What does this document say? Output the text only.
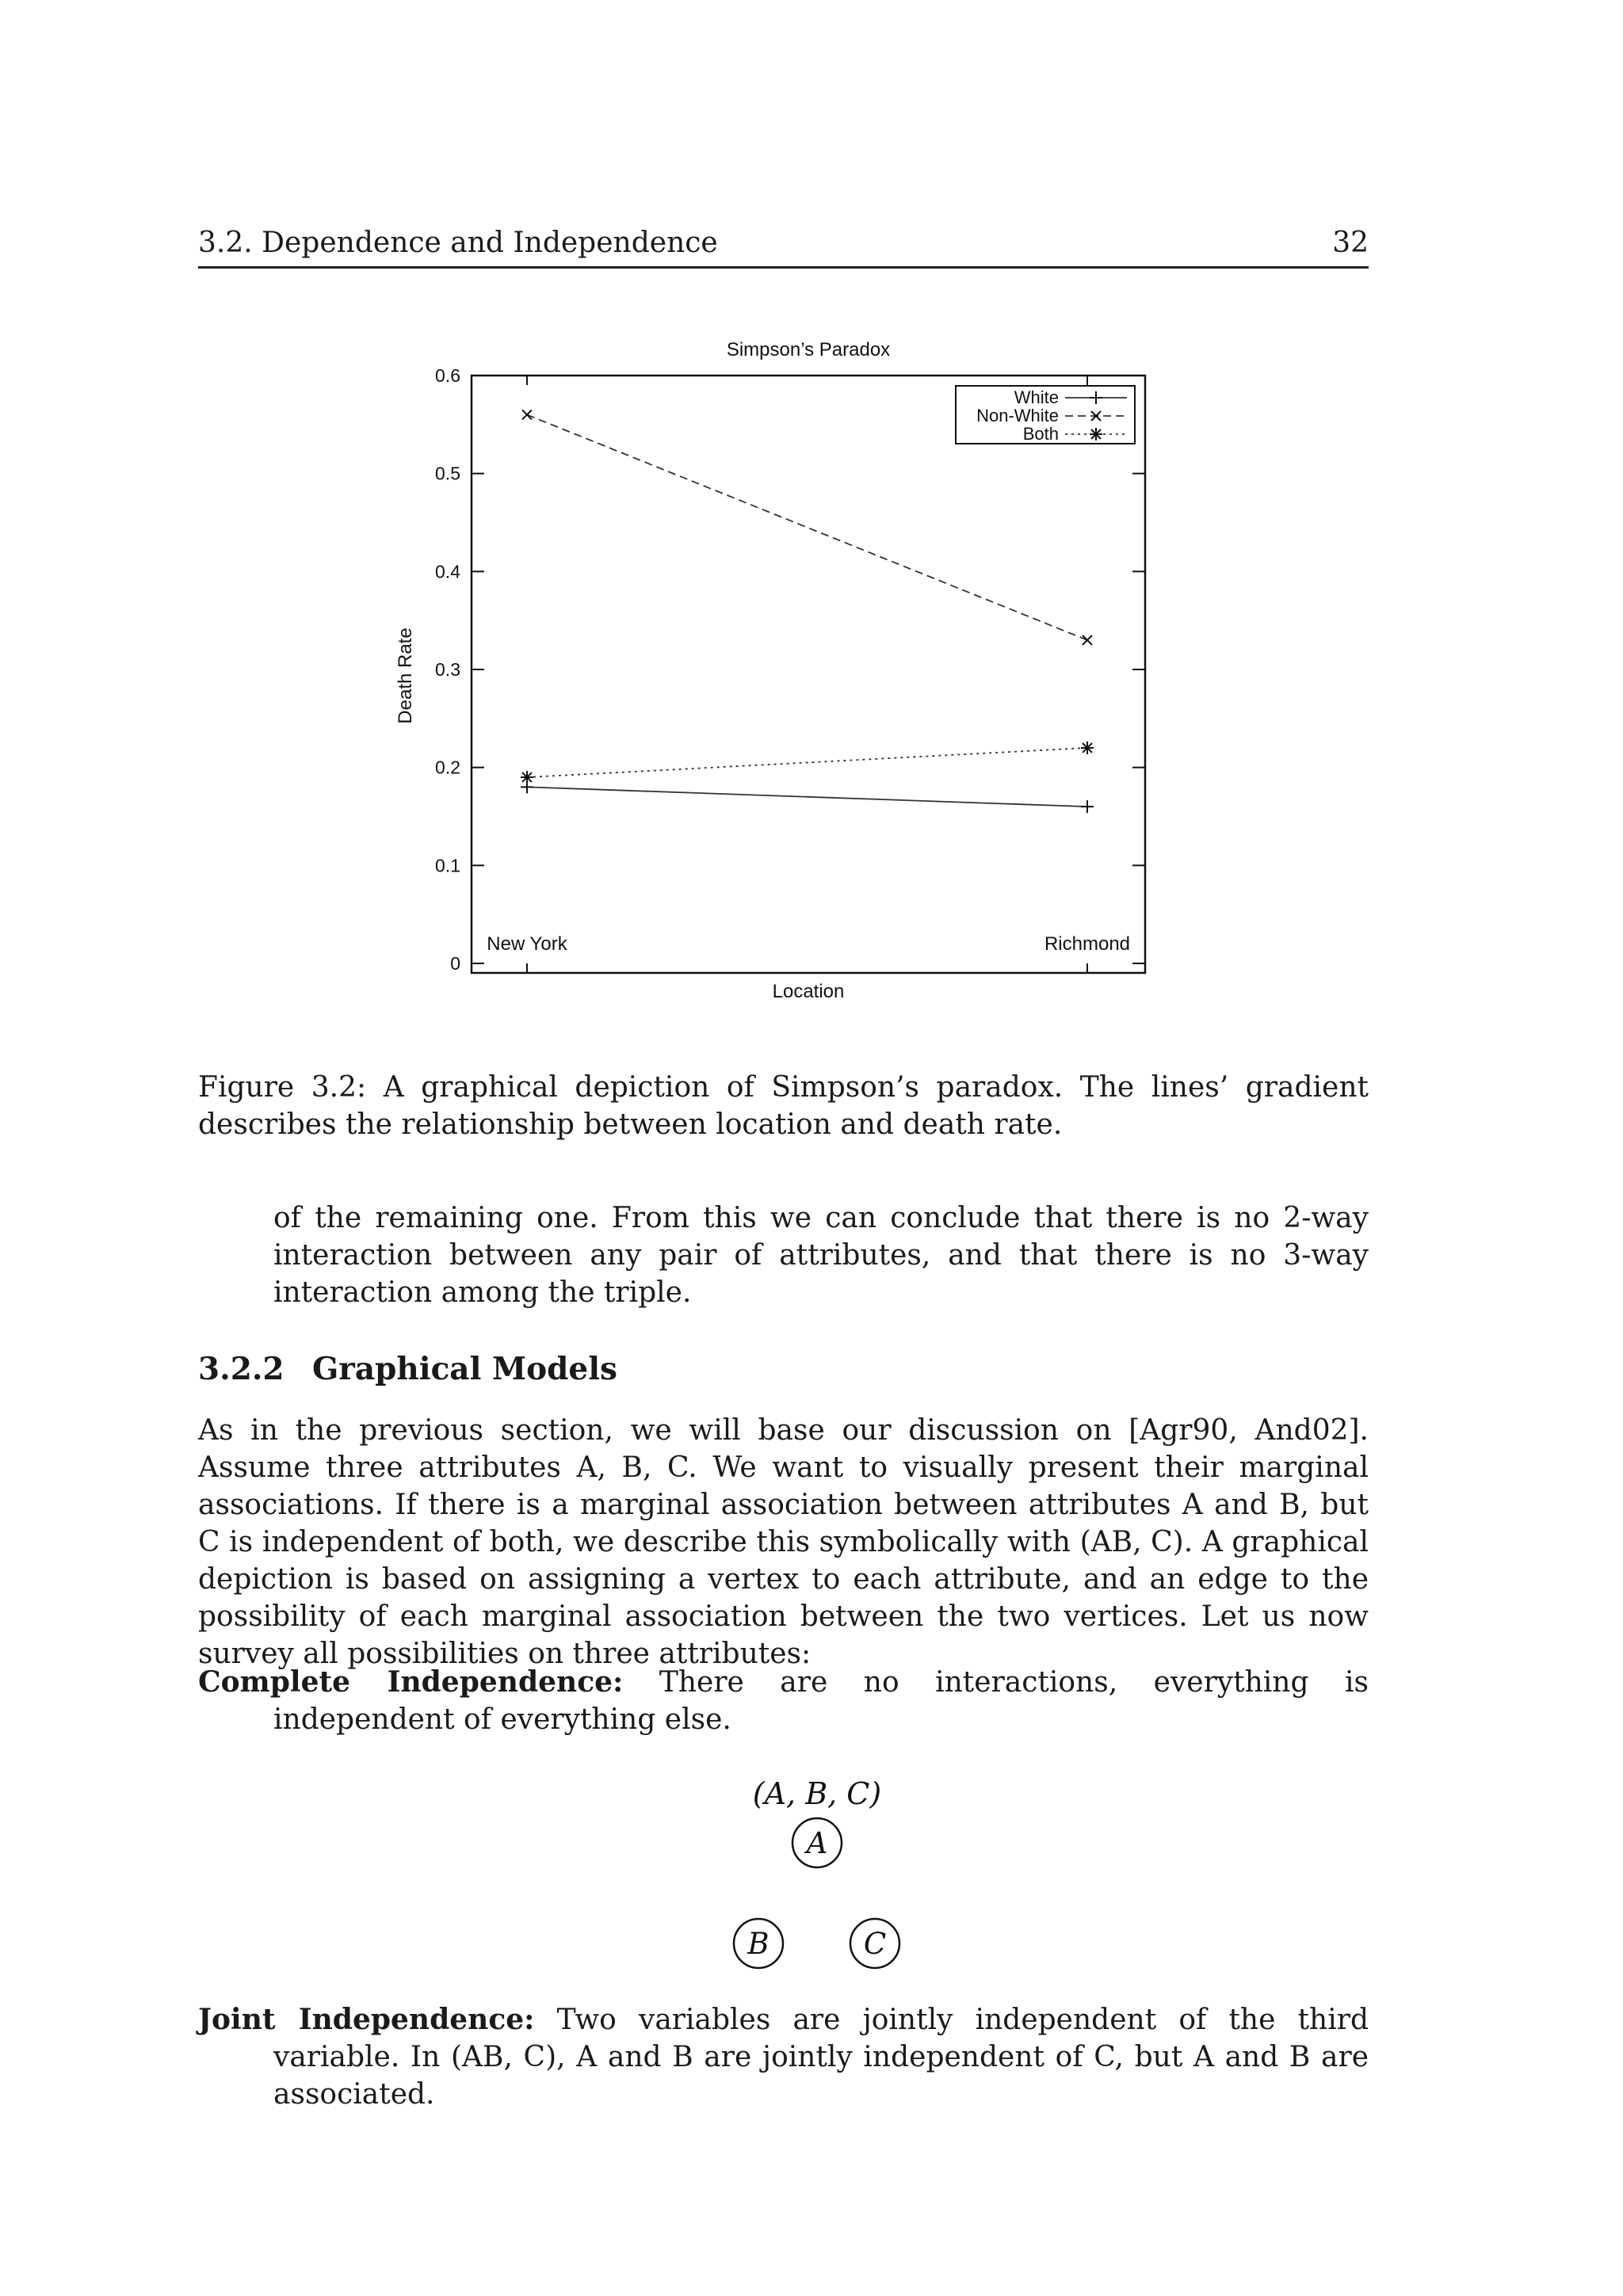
3.2. Dependence and Independence	32
Simpson’s Paradox
Death Rate
Location
0
0.1
0.2
0.3
0.4
0.5
0.6
New York	Richmond
White
Non-White
Both
Figure 3.2: A graphical depiction of Simpson’s paradox. The lines’ gradient describes the relationship between location and death rate.
of the remaining one. From this we can conclude that there is no 2-way interaction between any pair of attributes, and that there is no 3-way interaction among the triple.
3.2.2 Graphical Models
As in the previous section, we will base our discussion on [Agr90, And02]. Assume three attributes A, B, C. We want to visually present their marginal associations. If there is a marginal association between attributes A and B, but C is independent of both, we describe this symbolically with (AB, C). A graphical depiction is based on assigning a vertex to each attribute, and an edge to the possibility of each marginal association between the two vertices. Let us now survey all possibilities on three attributes:
Complete Independence: There are no interactions, everything is independent of everything else.
(A, B, C)
A
B	C
Joint Independence: Two variables are jointly independent of the third variable. In (AB, C), A and B are jointly independent of C, but A and B are associated.
